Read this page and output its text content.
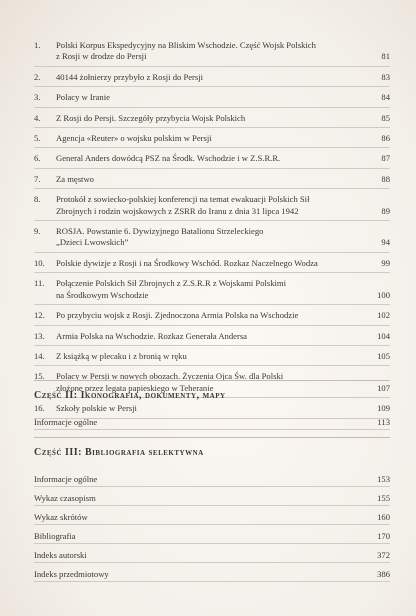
1.	Polski Korpus Ekspedycyjny na Bliskim Wschodzie. Część Wojsk Polskich
z Rosji w drodze do Persji	81
2.	40144 żołnierzy przybyło z Rosji do Persji	83
3.	Polacy w Iranie	84
4.	Z Rosji do Persji. Szczegóły przybycia Wojsk Polskich	85
5.	Agencja «Reuter» o wojsku polskim w Persji	86
6.	General Anders dowódcą PSZ na Środk. Wschodzie i w Z.S.R.R.	87
7.	Za męstwo	88
8.	Protokół z sowiecko-polskiej konferencji na temat ewakuacji Polskich Sił
Zbrojnych i rodzin wojskowych z ZSRR do Iranu z dnia 31 lipca 1942	89
9.	ROSJA. Powstanie 6. Dywizyjnego Batalionu Strzeleckiego
„Dzieci Lwowskich”	94
10.	Polskie dywizje z Rosji i na Środkowy Wschód. Rozkaz Naczelnego Wodza	99
11.	Połączenie Polskich Sił Zbrojnych z Z.S.R.R z Wojskami Polskimi
na Środkowym Wschodzie	100
12.	Po przybyciu wojsk z Rosji. Zjednoczona Armia Polska na Wschodzie	102
13.	Armia Polska na Wschodzie. Rozkaz Generała Andersa	104
14.	Z książką w plecaku i z bronią w ręku	105
15.	Polacy w Persji w nowych obozach. Życzenia Ojca Św. dla Polski
złożone przez legata papieskiego w Teheranie	107
16.	Szkoły polskie w Persji	109
Część II: Ikonografia, dokumenty, mapy
Informacje ogólne	113
Część III: Bibliografia selektywna
Informacje ogólne	153
Wykaz czasopism	155
Wykaz skrótów	160
Bibliografia	170
Indeks autorski	372
Indeks przedmiotowy	386
